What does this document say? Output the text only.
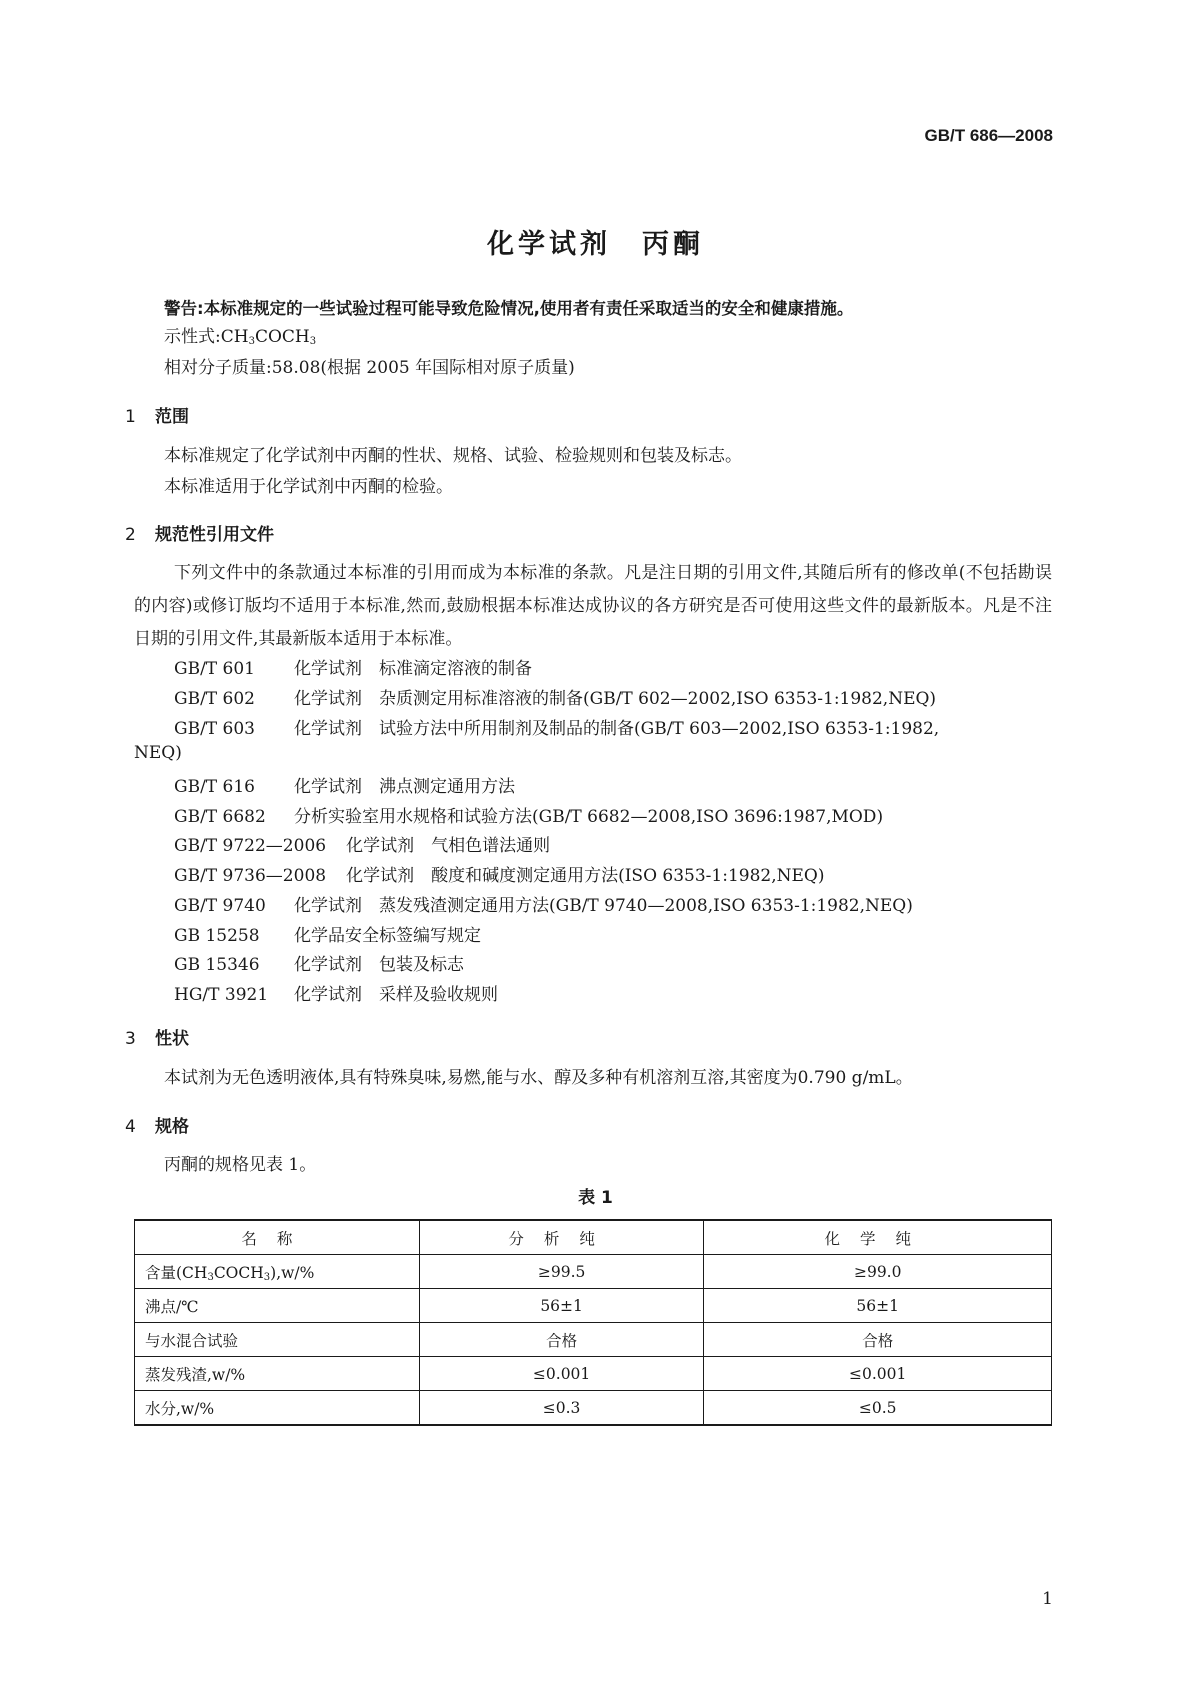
GB/T 686—2008
化学试剂　丙酮
警告:本标准规定的一些试验过程可能导致危险情况,使用者有责任采取适当的安全和健康措施。
示性式$:CH_3COCH_3$
相对分子质量:58.08(根据 2005 年国际相对原子质量)
1 范围
本标准规定了化学试剂中丙酮的性状、规格、试验、检验规则和包装及标志。
本标准适用于化学试剂中丙酮的检验。
2 规范性引用文件
下列文件中的条款通过本标准的引用而成为本标准的条款。凡是注日期的引用文件,其随后所有的修改单(不包括勘误的内容)或修订版均不适用于本标准,然而,鼓励根据本标准达成协议的各方研究是否可使用这些文件的最新版本。凡是不注日期的引用文件,其最新版本适用于本标准。
GB/T 601 化学试剂　标准滴定溶液的制备
GB/T 602 化学试剂　杂质测定用标准溶液的制备(GB/T 602—2002,ISO 6353-1:1982,NEQ)
GB/T 603 化学试剂　试验方法中所用制剂及制品的制备(GB/T 603—2002,ISO 6353-1:1982,
NEQ)
GB/T 616 化学试剂　沸点测定通用方法
GB/T 6682 分析实验室用水规格和试验方法(GB/T 6682—2008,ISO 3696:1987,MOD)
GB/T 9722—2006 化学试剂　气相色谱法通则
GB/T 9736—2008 化学试剂　酸度和碱度测定通用方法(ISO 6353-1:1982,NEQ)
GB/T 9740 化学试剂　蒸发残渣测定通用方法(GB/T 9740—2008,ISO 6353-1:1982,NEQ)
GB 15258 化学品安全标签编写规定
GB 15346 化学试剂　包装及标志
HG/T 3921 化学试剂　采样及验收规则
3 性状
本试剂为无色透明液体,具有特殊臭味,易燃,能与水、醇及多种有机溶剂互溶,其密度为0.790 g/mL。
4 规格
丙酮的规格见表 1。
表 1
名称	分析纯	化学纯
含量$(CH_3COCH_3),w/\%$	≥99.5	≥99.0
沸点/℃	56±1	56±1
与水混合试验	合格	合格
蒸发残渣,w/%	≤0.001	≤0.001
水分,w/%	≤0.3	≤0.5
1
